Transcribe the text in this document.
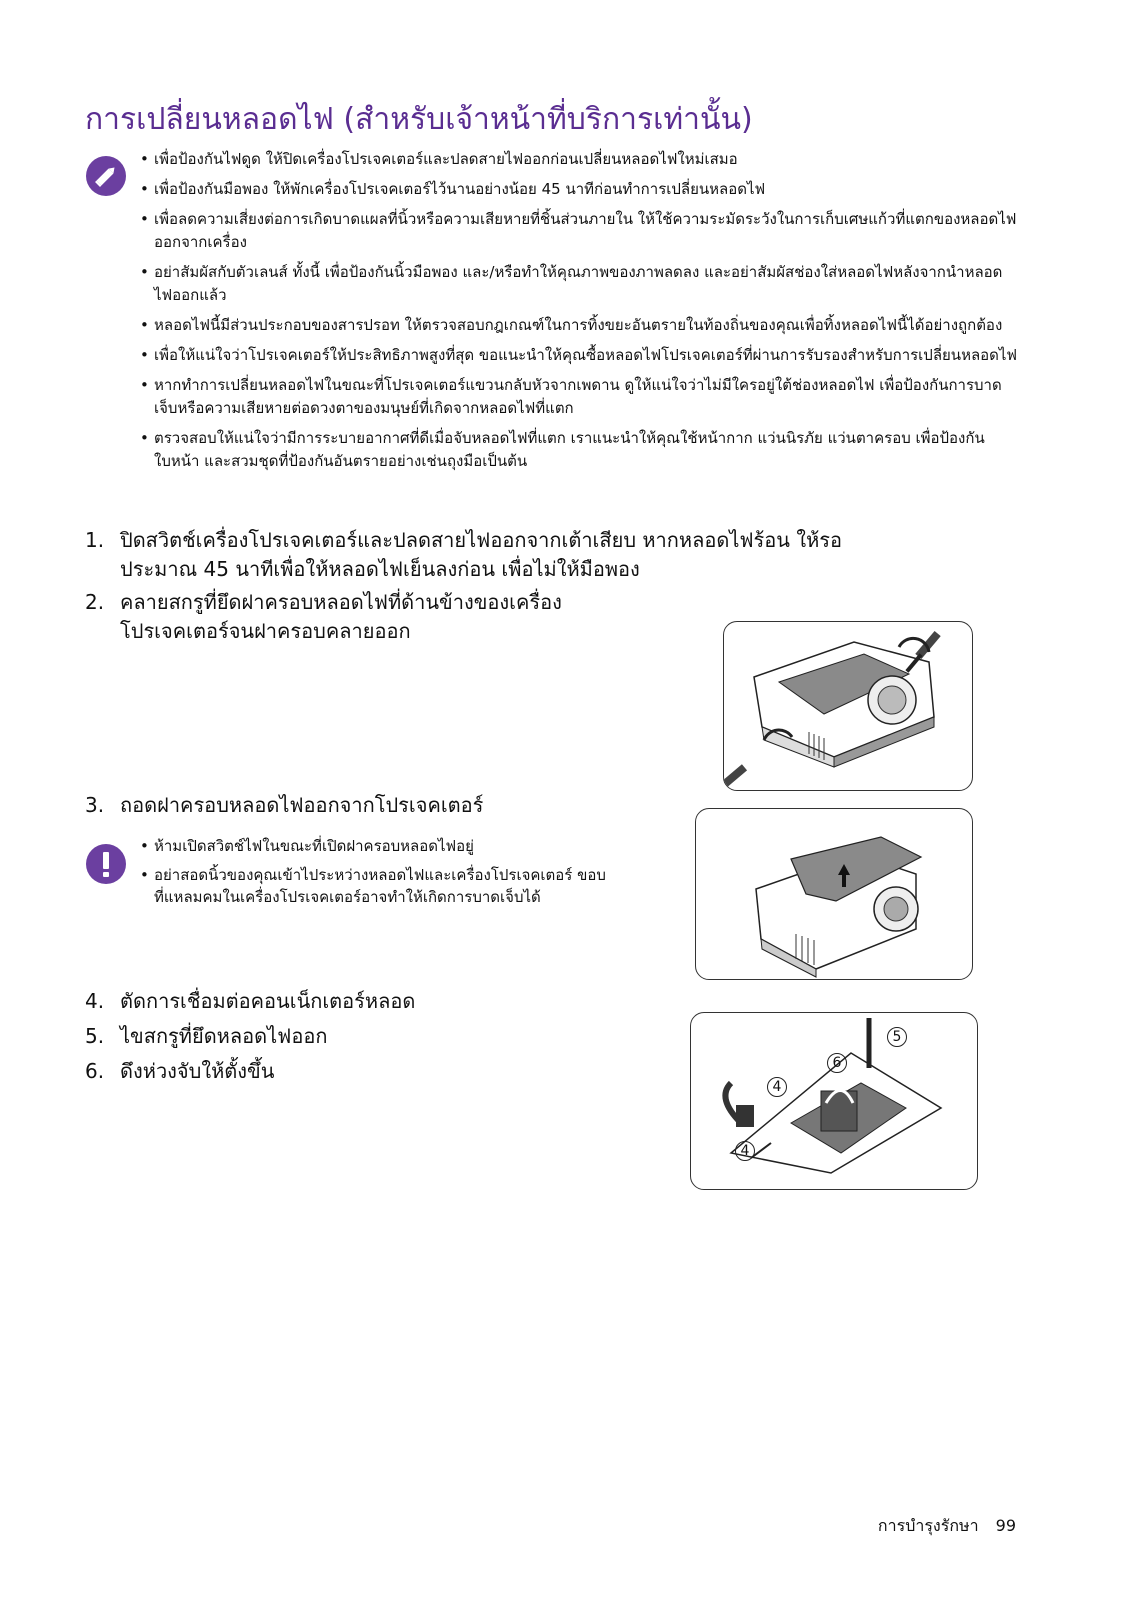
การเปลี่ยนหลอดไฟ (สำหรับเจ้าหน้าที่บริการเท่านั้น)
• เพื่อป้องกันไฟดูด ให้ปิดเครื่องโปรเจคเตอร์และปลดสายไฟออกก่อนเปลี่ยนหลอดไฟใหม่เสมอ
• เพื่อป้องกันมือพอง ให้พักเครื่องโปรเจคเตอร์ไว้นานอย่างน้อย 45 นาทีก่อนทำการเปลี่ยนหลอดไฟ
• เพื่อลดความเสี่ยงต่อการเกิดบาดแผลที่นิ้วหรือความเสียหายที่ชิ้นส่วนภายใน ให้ใช้ความระมัดระวังในการเก็บเศษแก้วที่แตกของหลอดไฟออกจากเครื่อง
• อย่าสัมผัสกับตัวเลนส์ ทั้งนี้ เพื่อป้องกันนิ้วมือพอง และ/หรือทำให้คุณภาพของภาพลดลง และอย่าสัมผัสช่องใส่หลอดไฟหลังจากนำหลอดไฟออกแล้ว
• หลอดไฟนี้มีส่วนประกอบของสารปรอท ให้ตรวจสอบกฎเกณฑ์ในการทิ้งขยะอันตรายในท้องถิ่นของคุณเพื่อทิ้งหลอดไฟนี้ได้อย่างถูกต้อง
• เพื่อให้แน่ใจว่าโปรเจคเตอร์ให้ประสิทธิภาพสูงที่สุด ขอแนะนำให้คุณซื้อหลอดไฟโปรเจคเตอร์ที่ผ่านการรับรองสำหรับการเปลี่ยนหลอดไฟ
• หากทำการเปลี่ยนหลอดไฟในขณะที่โปรเจคเตอร์แขวนกลับหัวจากเพดาน ดูให้แน่ใจว่าไม่มีใครอยู่ใต้ช่องหลอดไฟ เพื่อป้องกันการบาดเจ็บหรือความเสียหายต่อดวงตาของมนุษย์ที่เกิดจากหลอดไฟที่แตก
• ตรวจสอบให้แน่ใจว่ามีการระบายอากาศที่ดีเมื่อจับหลอดไฟที่แตก เราแนะนำให้คุณใช้หน้ากาก แว่นนิรภัย แว่นตาครอบ เพื่อป้องกันใบหน้า และสวมชุดที่ป้องกันอันตรายอย่างเช่นถุงมือเป็นต้น
1. ปิดสวิตช์เครื่องโปรเจคเตอร์และปลดสายไฟออกจากเต้าเสียบ หากหลอดไฟร้อน ให้รอประมาณ 45 นาทีเพื่อให้หลอดไฟเย็นลงก่อน เพื่อไม่ให้มือพอง
2. คลายสกรูที่ยึดฝาครอบหลอดไฟที่ด้านข้างของเครื่องโปรเจคเตอร์จนฝาครอบคลายออก
3. ถอดฝาครอบหลอดไฟออกจากโปรเจคเตอร์
• ห้ามเปิดสวิตช์ไฟในขณะที่เปิดฝาครอบหลอดไฟอยู่
• อย่าสอดนิ้วของคุณเข้าไประหว่างหลอดไฟและเครื่องโปรเจคเตอร์ ขอบที่แหลมคมในเครื่องโปรเจคเตอร์อาจทำให้เกิดการบาดเจ็บได้
4. ตัดการเชื่อมต่อคอนเน็กเตอร์หลอด
5. ไขสกรูที่ยึดหลอดไฟออก
6. ดึงห่วงจับให้ตั้งขึ้น
5
6
4
4
การบำรุงรักษา 99
